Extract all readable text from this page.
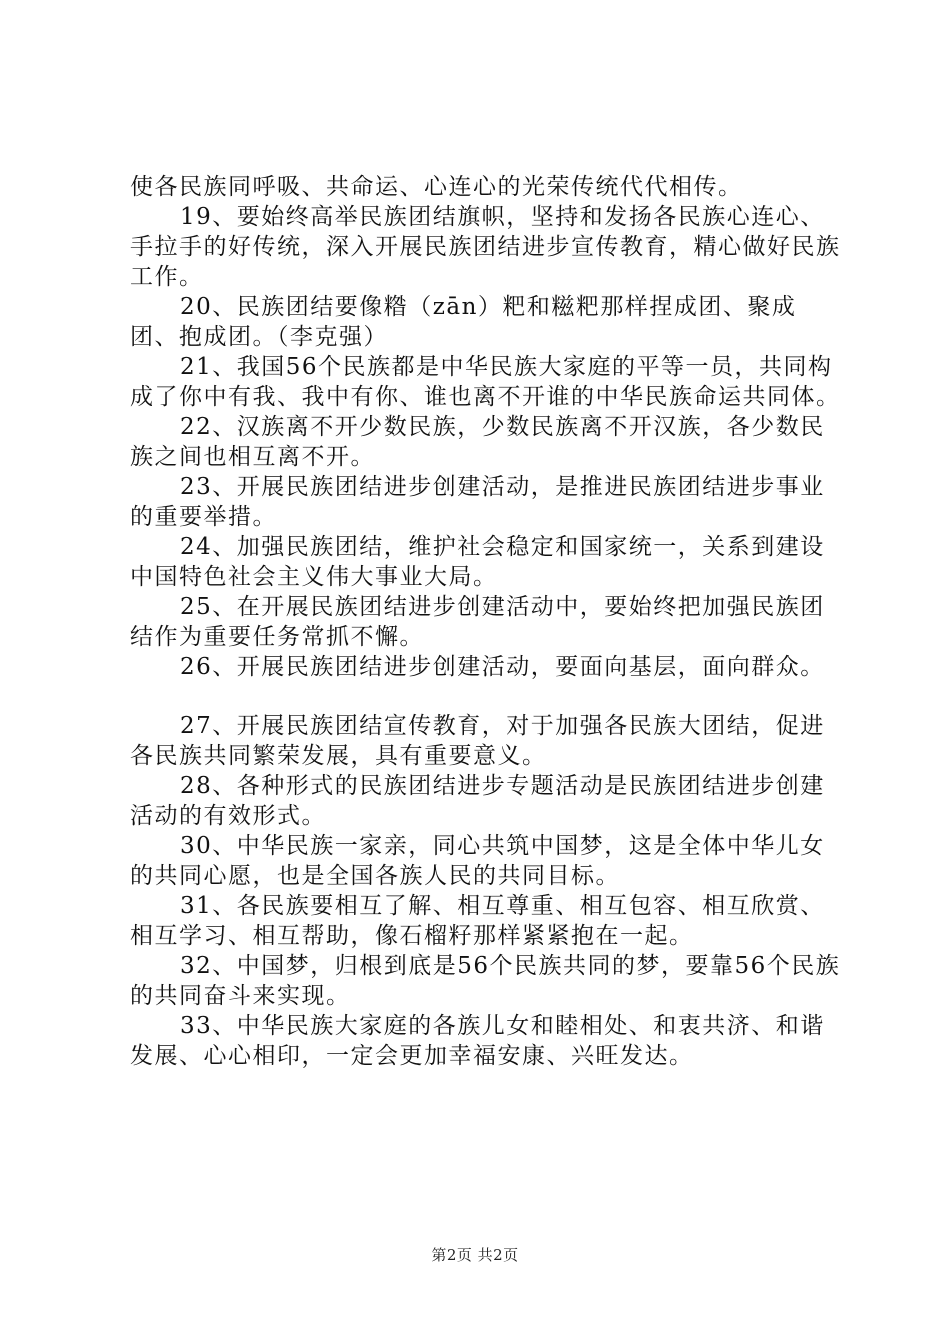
使各民族同呼吸、共命运、心连心的光荣传统代代相传。

19、要始终高举民族团结旗帜，坚持和发扬各民族心连心、手拉手的好传统，深入开展民族团结进步宣传教育，精心做好民族工作。

20、民族团结要像糌（zān）粑和糍粑那样捏成团、聚成团、抱成团。（李克强）

21、我国56个民族都是中华民族大家庭的平等一员，共同构成了你中有我、我中有你、谁也离不开谁的中华民族命运共同体。

22、汉族离不开少数民族，少数民族离不开汉族，各少数民族之间也相互离不开。

23、开展民族团结进步创建活动，是推进民族团结进步事业的重要举措。

24、加强民族团结，维护社会稳定和国家统一，关系到建设中国特色社会主义伟大事业大局。

25、在开展民族团结进步创建活动中，要始终把加强民族团结作为重要任务常抓不懈。

26、开展民族团结进步创建活动，要面向基层，面向群众。

27、开展民族团结宣传教育，对于加强各民族大团结，促进各民族共同繁荣发展，具有重要意义。

28、各种形式的民族团结进步专题活动是民族团结进步创建活动的有效形式。

30、中华民族一家亲，同心共筑中国梦，这是全体中华儿女的共同心愿，也是全国各族人民的共同目标。

31、各民族要相互了解、相互尊重、相互包容、相互欣赏、相互学习、相互帮助，像石榴籽那样紧紧抱在一起。

32、中国梦，归根到底是56个民族共同的梦，要靠56个民族的共同奋斗来实现。

33、中华民族大家庭的各族儿女和睦相处、和衷共济、和谐发展、心心相印，一定会更加幸福安康、兴旺发达。

第2页 共2页
